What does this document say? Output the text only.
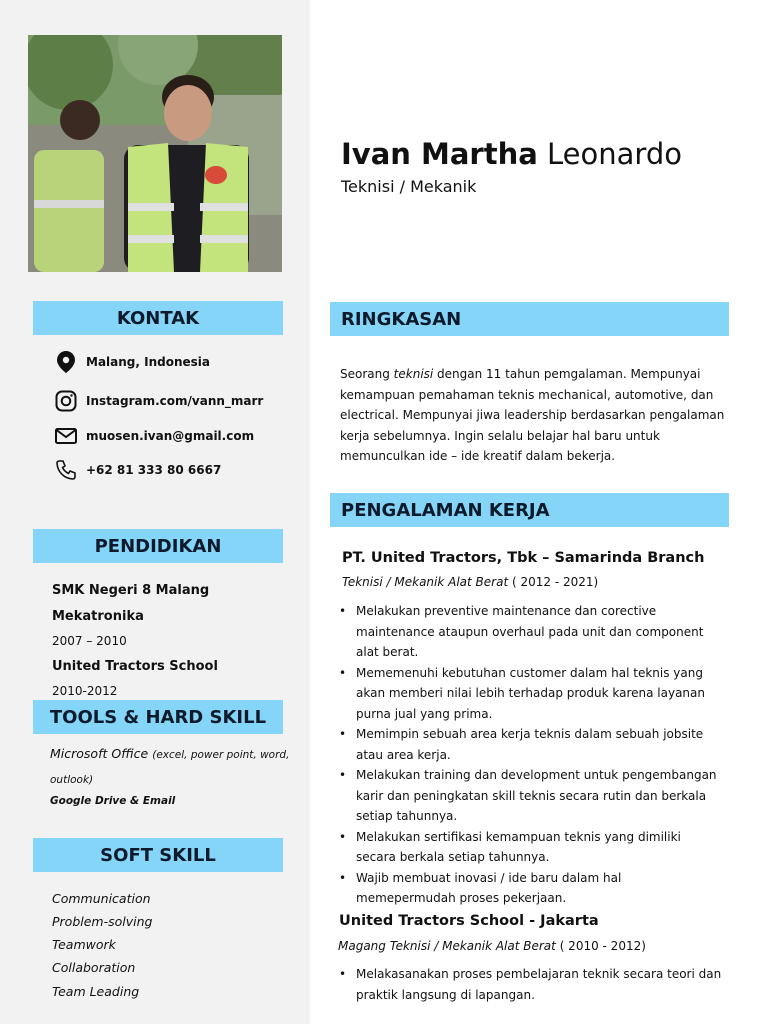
KONTAK
Malang, Indonesia
Instagram.com/vann_marr
muosen.ivan@gmail.com
+62 81 333 80 6667
PENDIDIKAN
SMK Negeri 8 Malang
Mekatronika
2007 – 2010
United Tractors School
2010-2012
TOOLS & HARD SKILL
Microsoft Office (excel, power point, word, outlook)
Google Drive & Email
SOFT SKILL
Communication
Problem-solving
Teamwork
Collaboration
Team Leading
Ivan Martha Leonardo
Teknisi / Mekanik
RINGKASAN
Seorang teknisi dengan 11 tahun pemgalaman. Mempunyai kemampuan pemahaman teknis mechanical, automotive, dan electrical. Mempunyai jiwa leadership berdasarkan pengalaman kerja sebelumnya. Ingin selalu belajar hal baru untuk memunculkan ide – ide kreatif dalam bekerja.
PENGALAMAN KERJA
PT. United Tractors, Tbk – Samarinda Branch
Teknisi / Mekanik Alat Berat ( 2012 - 2021)
• Melakukan preventive maintenance dan corective maintenance ataupun overhaul pada unit dan component alat berat.
• Mememenuhi kebutuhan customer dalam hal teknis yang akan memberi nilai lebih terhadap produk karena layanan purna jual yang prima.
• Memimpin sebuah area kerja teknis dalam sebuah jobsite atau area kerja.
• Melakukan training dan development untuk pengembangan karir dan peningkatan skill teknis secara rutin dan berkala setiap tahunnya.
• Melakukan sertifikasi kemampuan teknis yang dimiliki secara berkala setiap tahunnya.
• Wajib membuat inovasi / ide baru dalam hal memepermudah proses pekerjaan.
United Tractors School - Jakarta
Magang Teknisi / Mekanik Alat Berat ( 2010 - 2012)
• Melakasanakan proses pembelajaran teknik secara teori dan praktik langsung di lapangan.
